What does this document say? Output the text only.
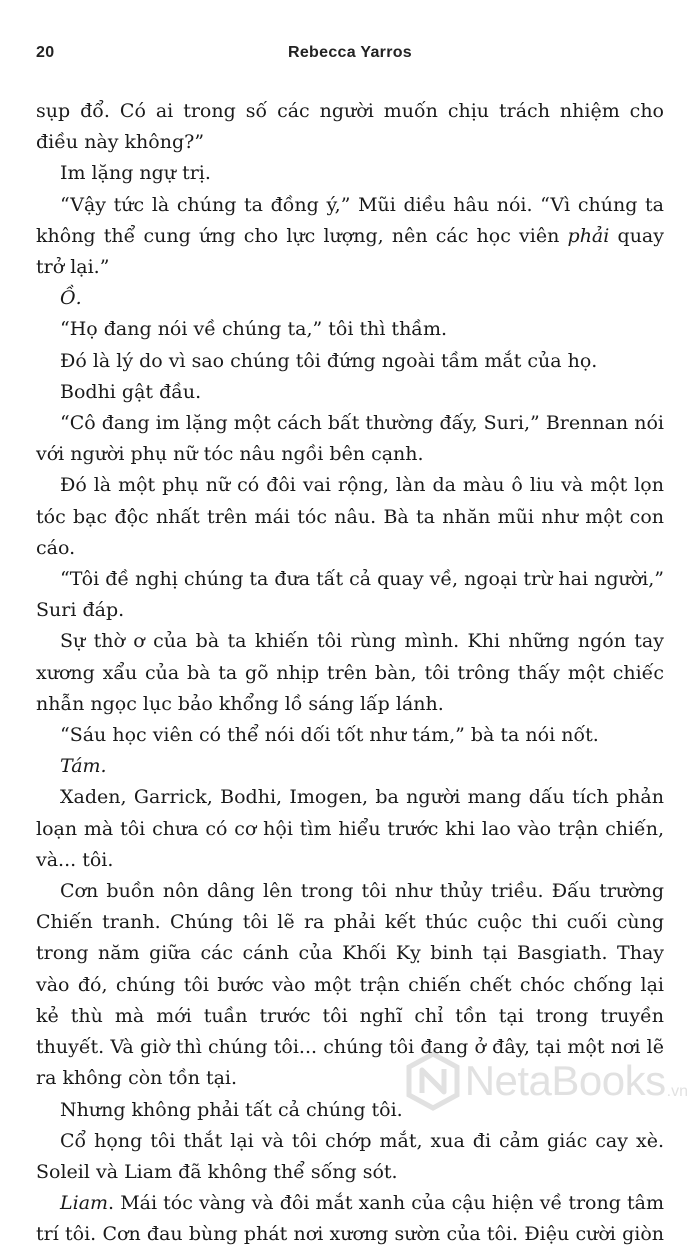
20	Rebecca Yarros

sụp đổ. Có ai trong số các người muốn chịu trách nhiệm cho điều này không?”

Im lặng ngự trị.

“Vậy tức là chúng ta đồng ý,” Mũi diều hâu nói. “Vì chúng ta không thể cung ứng cho lực lượng, nên các học viên phải quay trở lại.”

Ồ.

“Họ đang nói về chúng ta,” tôi thì thầm.

Đó là lý do vì sao chúng tôi đứng ngoài tầm mắt của họ.

Bodhi gật đầu.

“Cô đang im lặng một cách bất thường đấy, Suri,” Brennan nói với người phụ nữ tóc nâu ngồi bên cạnh.

Đó là một phụ nữ có đôi vai rộng, làn da màu ô liu và một lọn tóc bạc độc nhất trên mái tóc nâu. Bà ta nhăn mũi như một con cáo.

“Tôi đề nghị chúng ta đưa tất cả quay về, ngoại trừ hai người,” Suri đáp.

Sự thờ ơ của bà ta khiến tôi rùng mình. Khi những ngón tay xương xẩu của bà ta gõ nhịp trên bàn, tôi trông thấy một chiếc nhẫn ngọc lục bảo khổng lồ sáng lấp lánh.

“Sáu học viên có thể nói dối tốt như tám,” bà ta nói nốt.

Tám.

Xaden, Garrick, Bodhi, Imogen, ba người mang dấu tích phản loạn mà tôi chưa có cơ hội tìm hiểu trước khi lao vào trận chiến, và... tôi.

Cơn buồn nôn dâng lên trong tôi như thủy triều. Đấu trường Chiến tranh. Chúng tôi lẽ ra phải kết thúc cuộc thi cuối cùng trong năm giữa các cánh của Khối Kỵ binh tại Basgiath. Thay vào đó, chúng tôi bước vào một trận chiến chết chóc chống lại kẻ thù mà mới tuần trước tôi nghĩ chỉ tồn tại trong truyền thuyết. Và giờ thì chúng tôi... chúng tôi đang ở đây, tại một nơi lẽ ra không còn tồn tại.

Nhưng không phải tất cả chúng tôi.

Cổ họng tôi thắt lại và tôi chớp mắt, xua đi cảm giác cay xè. Soleil và Liam đã không thể sống sót.

Liam. Mái tóc vàng và đôi mắt xanh của cậu hiện về trong tâm trí tôi. Cơn đau bùng phát nơi xương sườn của tôi. Điệu cười giòn

NetaBooks .vn
